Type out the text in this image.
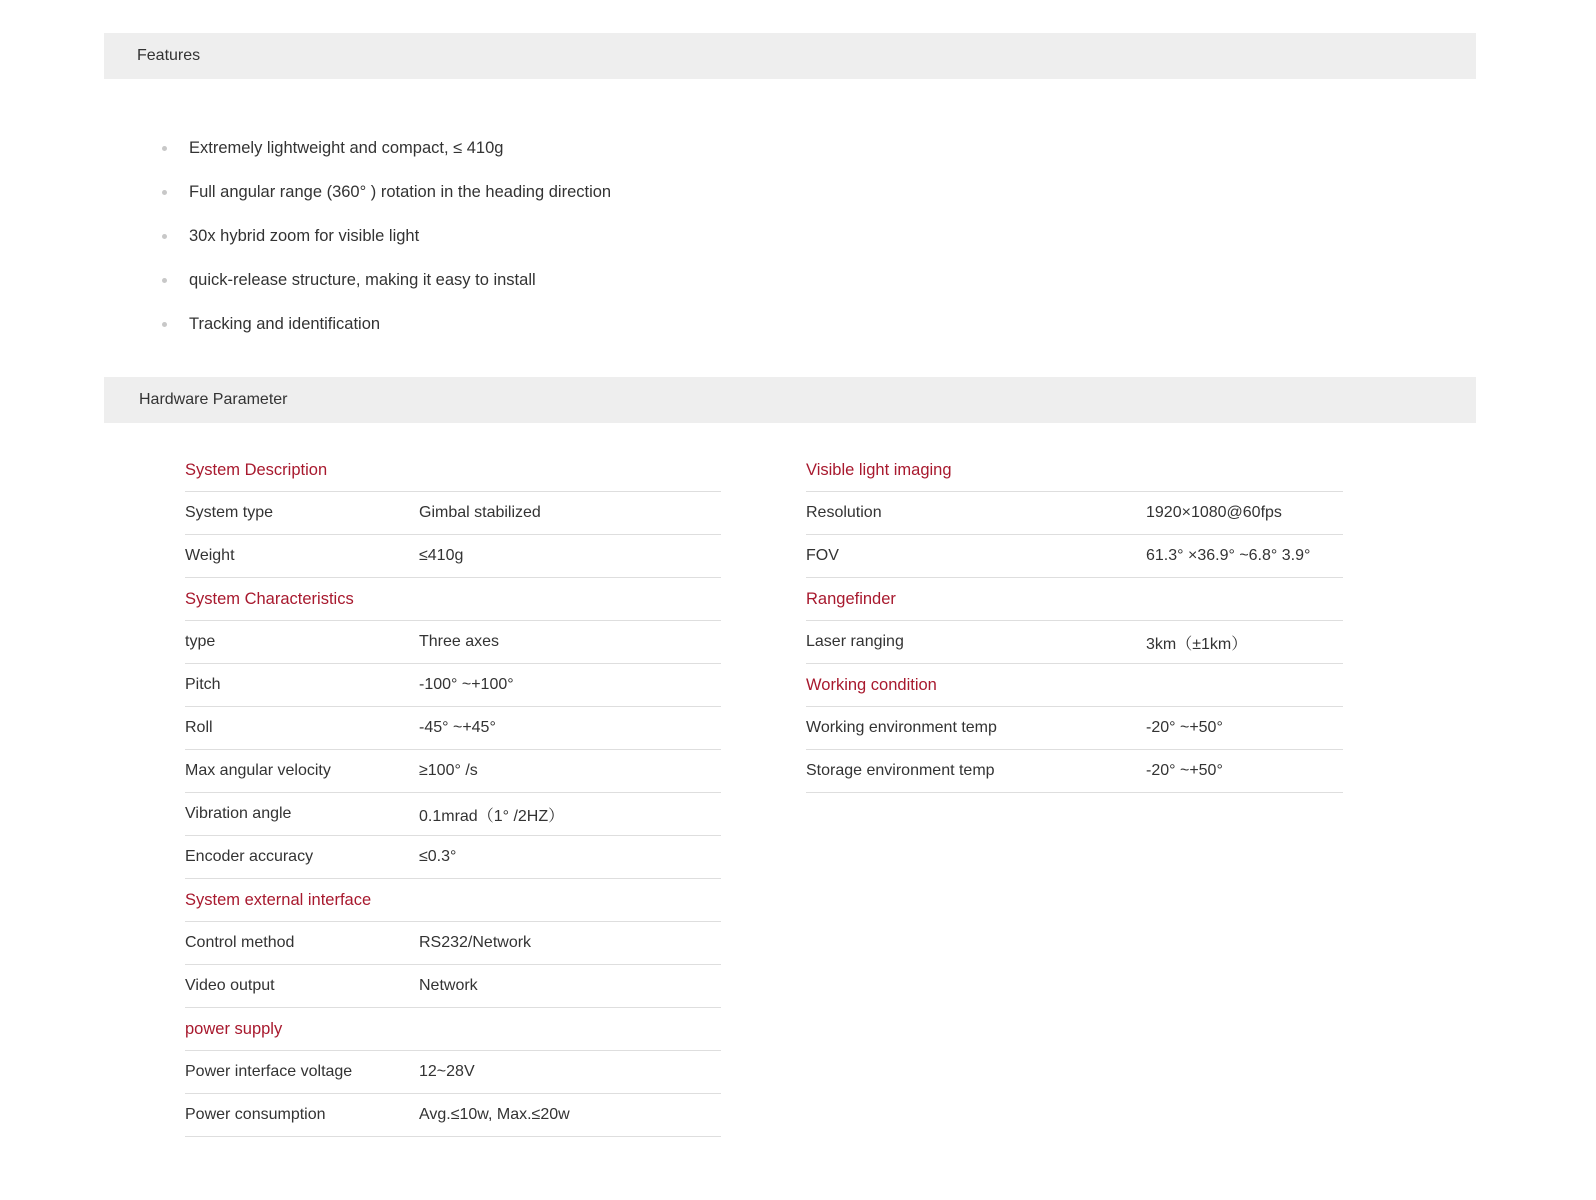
Features
Extremely lightweight and compact, ≤ 410g
Full angular range (360° ) rotation in the heading direction
30x hybrid zoom for visible light
quick-release structure, making it easy to install
Tracking and identification
Hardware Parameter
System Description	
System type	Gimbal stabilized
Weight	≤410g
System Characteristics	
type	Three axes
Pitch	-100° ~+100°
Roll	-45° ~+45°
Max angular velocity	≥100° /s
Vibration angle	0.1mrad（1° /2HZ）
Encoder accuracy	≤0.3°
System external interface	
Control method	RS232/Network
Video output	Network
power supply	
Power interface voltage	12~28V
Power consumption	Avg.≤10w, Max.≤20w
Visible light imaging	
Resolution	1920×1080@60fps
FOV	61.3° ×36.9° ~6.8° 3.9°
Rangefinder	
Laser ranging	3km（±1km）
Working condition	
Working environment temp	-20° ~+50°
Storage environment temp	-20° ~+50°
